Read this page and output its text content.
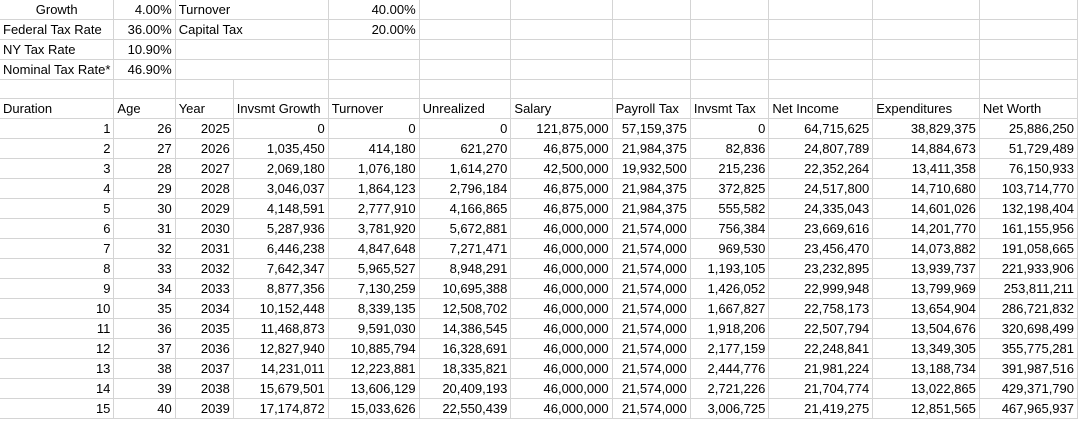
Growth	4.00%	Turnover		40.00%							
Federal Tax Rate	36.00%	Capital Tax		20.00%							
NY Tax Rate	10.90%										
Nominal Tax Rate*	46.90%										

Duration	Age	Year	Invsmt Growth	Turnover	Unrealized	Salary	Payroll Tax	Invsmt Tax	Net Income	Expenditures	Net Worth
1	26	2025	0	0	0	121,875,000	57,159,375	0	64,715,625	38,829,375	25,886,250
2	27	2026	1,035,450	414,180	621,270	46,875,000	21,984,375	82,836	24,807,789	14,884,673	51,729,489
3	28	2027	2,069,180	1,076,180	1,614,270	42,500,000	19,932,500	215,236	22,352,264	13,411,358	76,150,933
4	29	2028	3,046,037	1,864,123	2,796,184	46,875,000	21,984,375	372,825	24,517,800	14,710,680	103,714,770
5	30	2029	4,148,591	2,777,910	4,166,865	46,875,000	21,984,375	555,582	24,335,043	14,601,026	132,198,404
6	31	2030	5,287,936	3,781,920	5,672,881	46,000,000	21,574,000	756,384	23,669,616	14,201,770	161,155,956
7	32	2031	6,446,238	4,847,648	7,271,471	46,000,000	21,574,000	969,530	23,456,470	14,073,882	191,058,665
8	33	2032	7,642,347	5,965,527	8,948,291	46,000,000	21,574,000	1,193,105	23,232,895	13,939,737	221,933,906
9	34	2033	8,877,356	7,130,259	10,695,388	46,000,000	21,574,000	1,426,052	22,999,948	13,799,969	253,811,211
10	35	2034	10,152,448	8,339,135	12,508,702	46,000,000	21,574,000	1,667,827	22,758,173	13,654,904	286,721,832
11	36	2035	11,468,873	9,591,030	14,386,545	46,000,000	21,574,000	1,918,206	22,507,794	13,504,676	320,698,499
12	37	2036	12,827,940	10,885,794	16,328,691	46,000,000	21,574,000	2,177,159	22,248,841	13,349,305	355,775,281
13	38	2037	14,231,011	12,223,881	18,335,821	46,000,000	21,574,000	2,444,776	21,981,224	13,188,734	391,987,516
14	39	2038	15,679,501	13,606,129	20,409,193	46,000,000	21,574,000	2,721,226	21,704,774	13,022,865	429,371,790
15	40	2039	17,174,872	15,033,626	22,550,439	46,000,000	21,574,000	3,006,725	21,419,275	12,851,565	467,965,937
